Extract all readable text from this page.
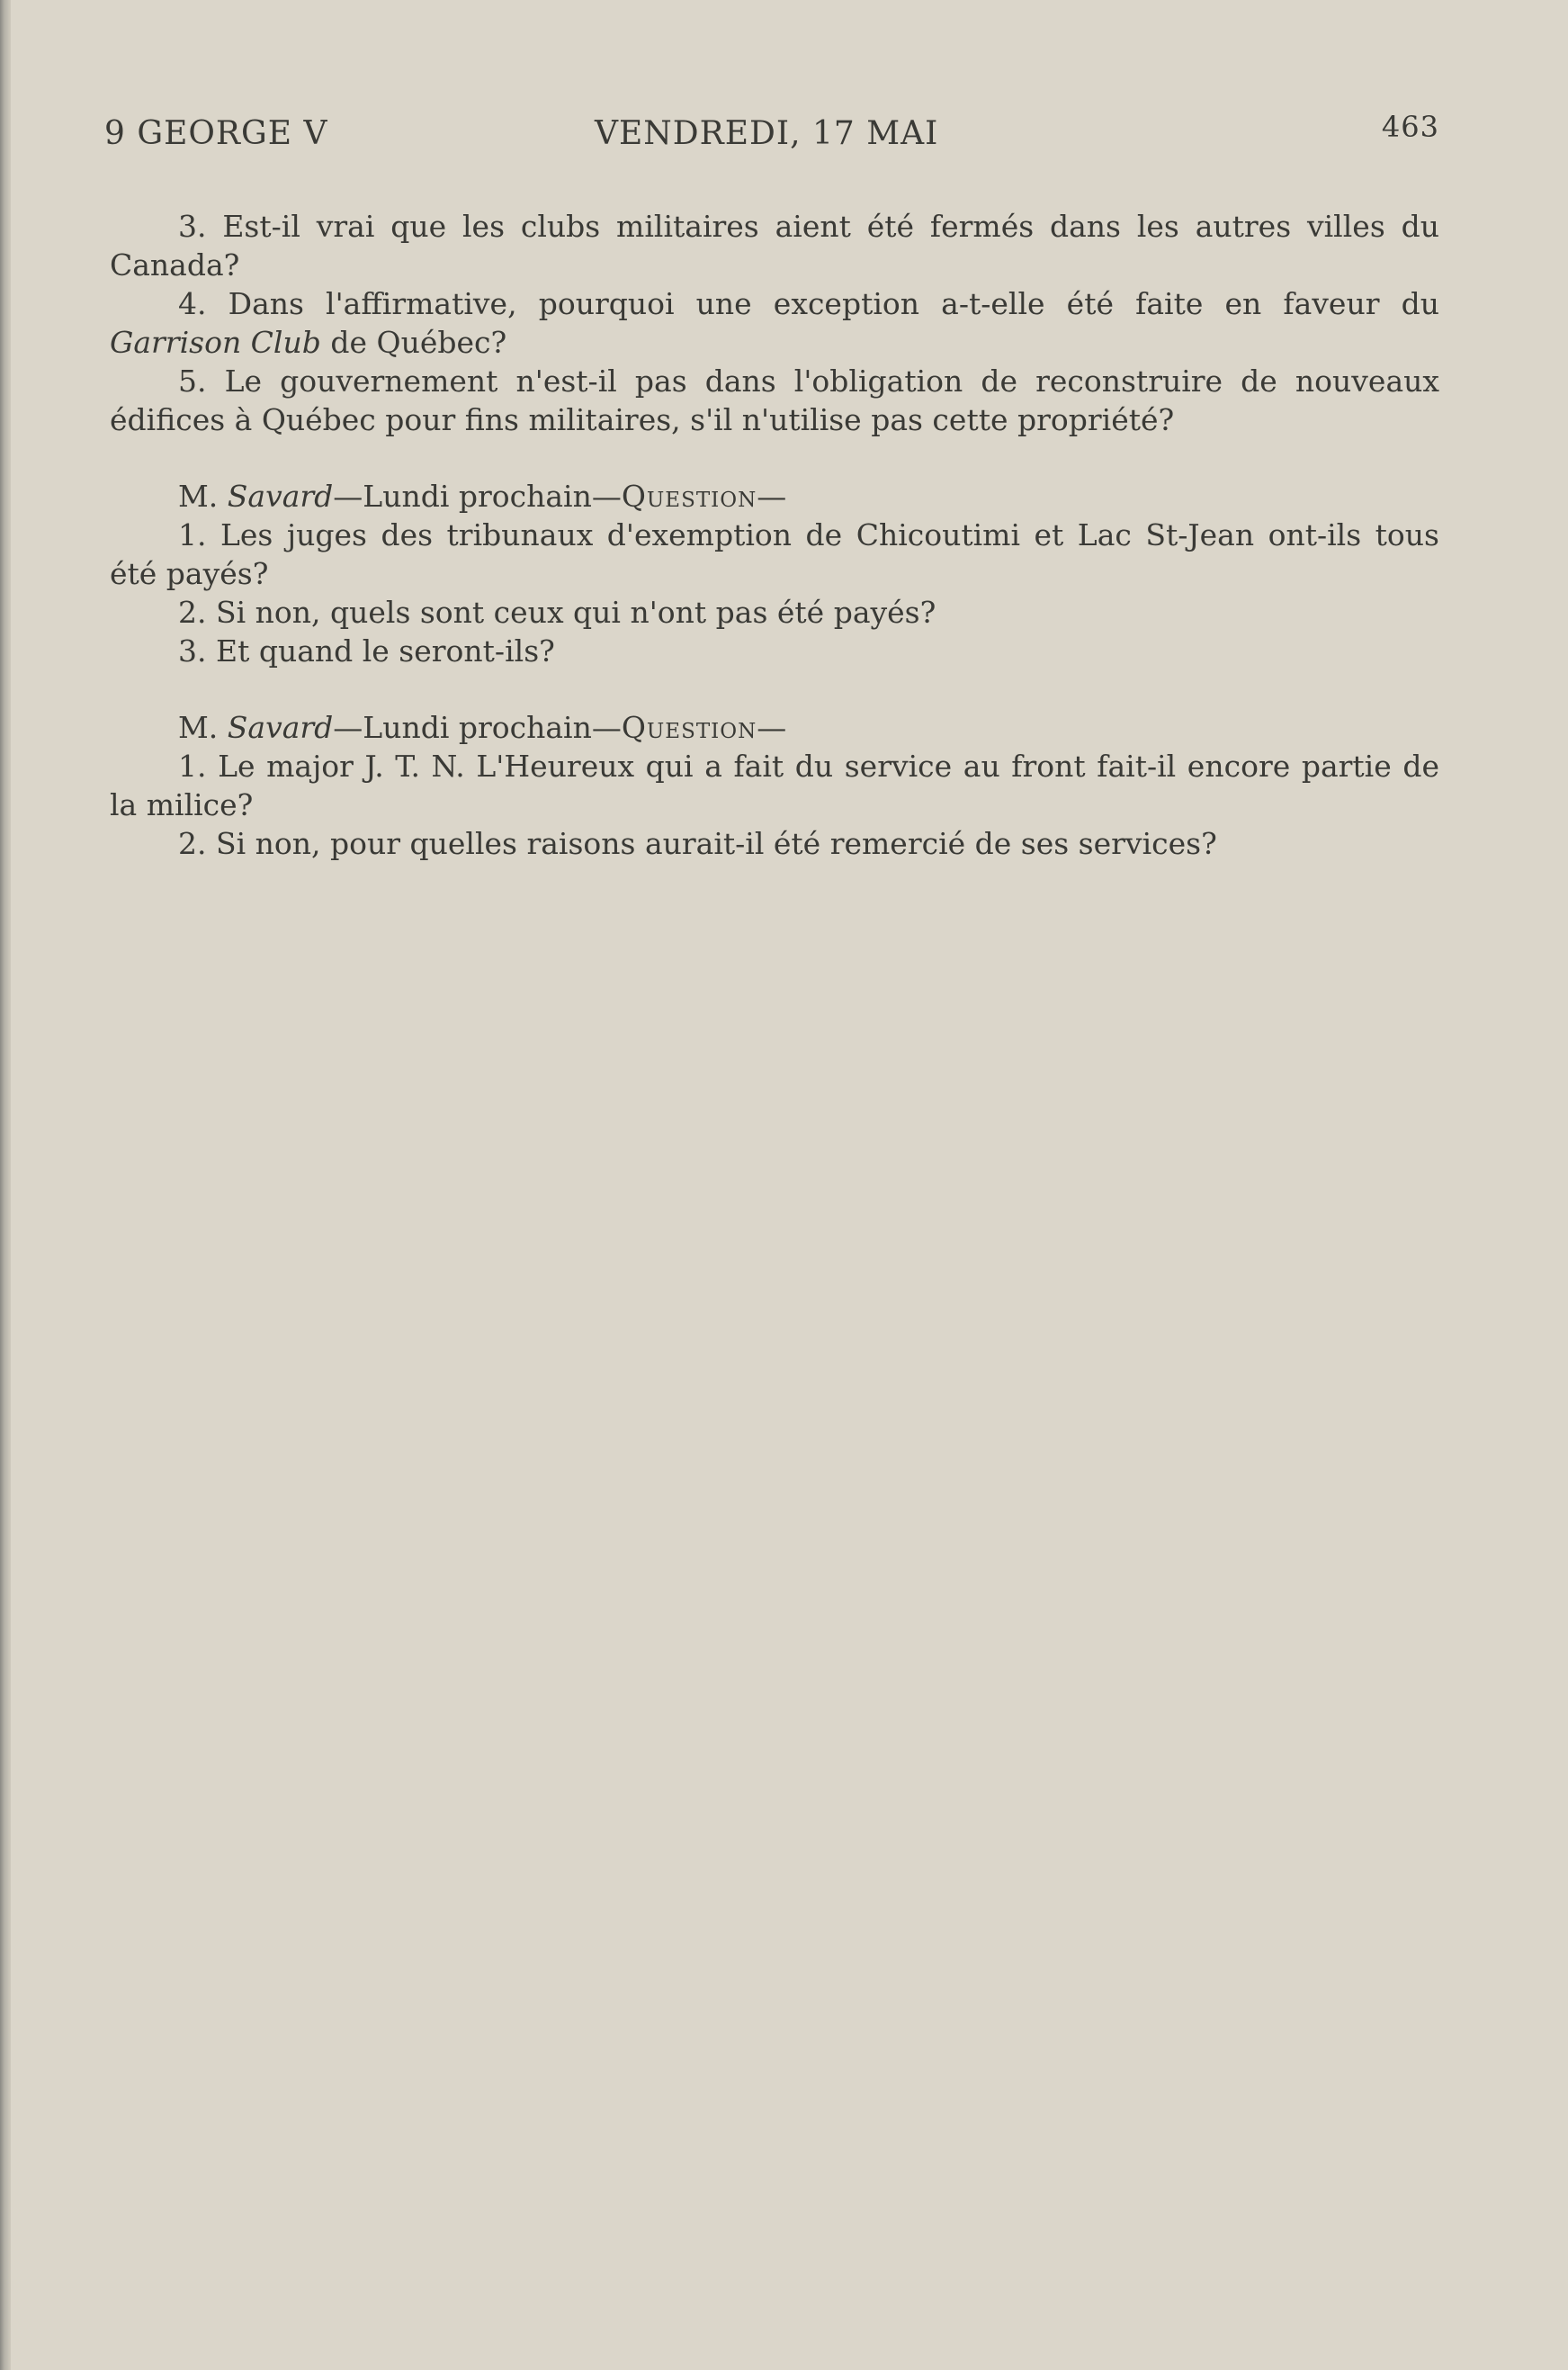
9 GEORGE V	VENDREDI, 17 MAI	463

3. Est-il vrai que les clubs militaires aient été fermés dans les autres villes du Canada?

4. Dans l'affirmative, pourquoi une exception a-t-elle été faite en faveur du Garrison Club de Québec?

5. Le gouvernement n'est-il pas dans l'obligation de reconstruire de nouveaux édifices à Québec pour fins militaires, s'il n'utilise pas cette propriété?

M. Savard—Lundi prochain—Question—

1. Les juges des tribunaux d'exemption de Chicoutimi et Lac St-Jean ont-ils tous été payés?

2. Si non, quels sont ceux qui n'ont pas été payés?

3. Et quand le seront-ils?

M. Savard—Lundi prochain—Question—

1. Le major J. T. N. L'Heureux qui a fait du service au front fait-il encore partie de la milice?

2. Si non, pour quelles raisons aurait-il été remercié de ses services?
